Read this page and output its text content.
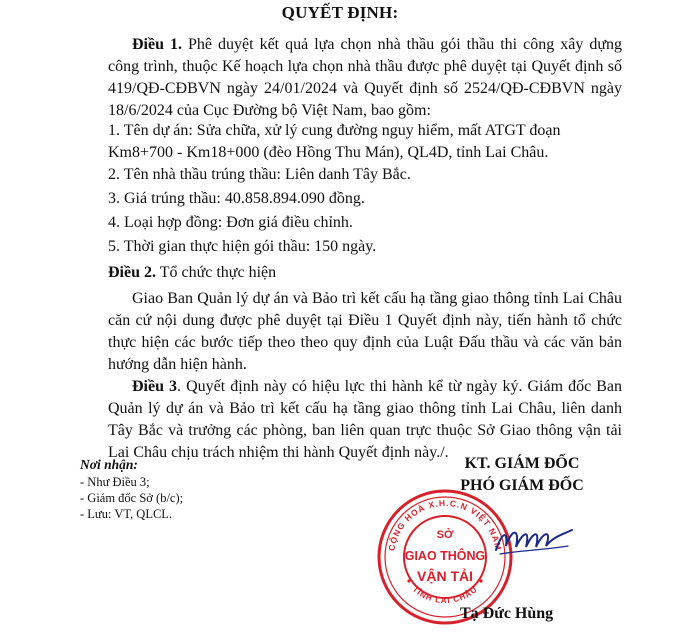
QUYẾT ĐỊNH:
Điều 1. Phê duyệt kết quả lựa chọn nhà thầu gói thầu thi công xây dựng công trình, thuộc Kế hoạch lựa chọn nhà thầu được phê duyệt tại Quyết định số 419/QĐ-CĐBVN ngày 24/01/2024 và Quyết định số 2524/QĐ-CĐBVN ngày 18/6/2024 của Cục Đường bộ Việt Nam, bao gồm:
1. Tên dự án: Sửa chữa, xử lý cung đường nguy hiểm, mất ATGT đoạn Km8+700 - Km18+000 (đèo Hồng Thu Mán), QL4D, tỉnh Lai Châu.
2. Tên nhà thầu trúng thầu: Liên danh Tây Bắc.
3. Giá trúng thầu: 40.858.894.090 đồng.
4. Loại hợp đồng: Đơn giá điều chỉnh.
5. Thời gian thực hiện gói thầu: 150 ngày.
Điều 2. Tổ chức thực hiện
Giao Ban Quản lý dự án và Bảo trì kết cấu hạ tầng giao thông tỉnh Lai Châu căn cứ nội dung được phê duyệt tại Điều 1 Quyết định này, tiến hành tổ chức thực hiện các bước tiếp theo theo quy định của Luật Đấu thầu và các văn bản hướng dẫn hiện hành.
Điều 3. Quyết định này có hiệu lực thi hành kể từ ngày ký. Giám đốc Ban Quản lý dự án và Bảo trì kết cấu hạ tầng giao thông tỉnh Lai Châu, liên danh Tây Bắc và trưởng các phòng, ban liên quan trực thuộc Sở Giao thông vận tải Lai Châu chịu trách nhiệm thi hành Quyết định này./.
Nơi nhận:
- Như Điều 3;
- Giám đốc Sở (b/c);
- Lưu: VT, QLCL.
KT. GIÁM ĐỐC
PHÓ GIÁM ĐỐC
CỘNG HOÀ X.H.C.N VIỆT NAM
TỈNH LAI CHÂU
SỞ
GIAO THÔNG
VẬN TẢI
Tạ Đức Hùng
